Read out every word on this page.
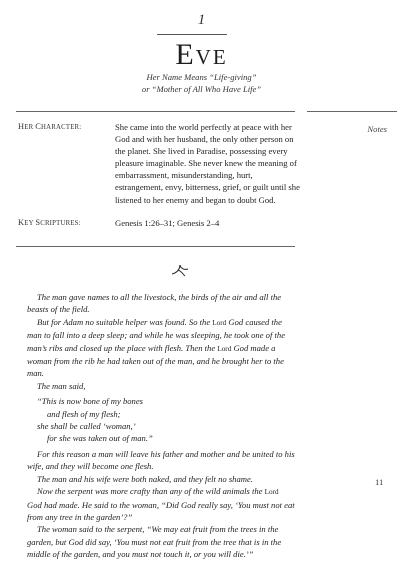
1
EVE
Her Name Means “Life-giving”
or “Mother of All Who Have Life”
Notes
HER CHARACTER:	She came into the world perfectly at peace with her God and with her husband, the only other person on the planet. She lived in Paradise, possessing every pleasure imaginable. She never knew the meaning of embarrassment, misunderstanding, hurt, estrangement, envy, bitterness, grief, or guilt until she listened to her enemy and began to doubt God.
KEY SCRIPTURES:	Genesis 1:26–31; Genesis 2–4

The man gave names to all the livestock, the birds of the air and all the beasts of the field.

But for Adam no suitable helper was found. So the Lord God caused the man to fall into a deep sleep; and while he was sleeping, he took one of the man’s ribs and closed up the place with flesh. Then the Lord God made a woman from the rib he had taken out of the man, and he brought her to the man.

The man said,

“This is now bone of my bones

and flesh of my flesh;

she shall be called ‘woman,’

for she was taken out of man.”

For this reason a man will leave his father and mother and be united to his wife, and they will become one flesh.

The man and his wife were both naked, and they felt no shame.

Now the serpent was more crafty than any of the wild animals the Lord God had made. He said to the woman, “Did God really say, ‘You must not eat from any tree in the garden’?”

The woman said to the serpent, “We may eat fruit from the trees in the garden, but God did say, ‘You must not eat fruit from the tree that is in the middle of the garden, and you must not touch it, or you will die.’”

11
